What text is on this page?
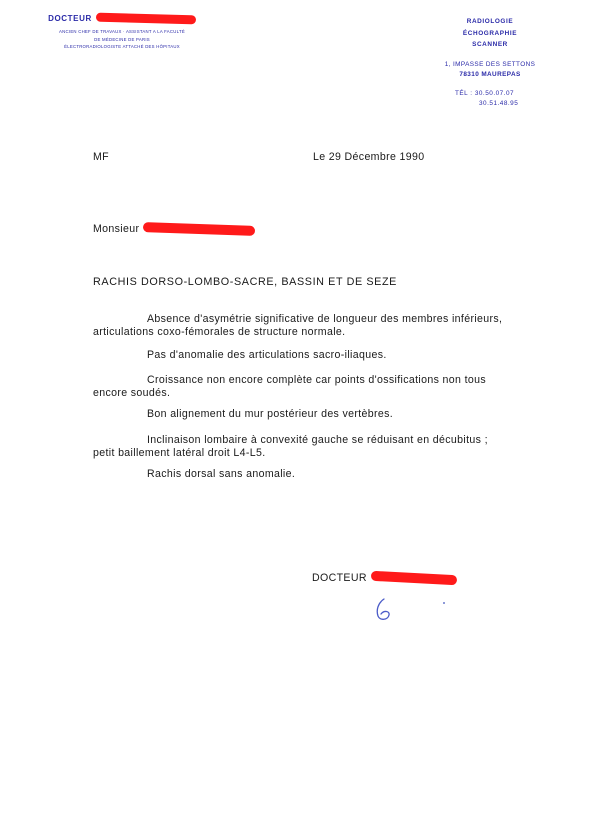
DOCTEUR
ANCIEN CHEF DE TRAVAUX · ASSISTANT A LA FACULTÉ
DE MÉDECINE DE PARIS
ÉLECTRORADIOLOGISTE ATTACHÉ DES HÔPITAUX
RADIOLOGIE
ÉCHOGRAPHIE
SCANNER
1, IMPASSE DES SETTONS
78310 MAUREPAS
TÉL : 30.50.07.07
30.51.48.95
MF	Le 29 Décembre 1990
Monsieur
RACHIS DORSO-LOMBO-SACRE, BASSIN ET DE SEZE
Absence d'asymétrie significative de longueur des membres inférieurs,
articulations coxo-fémorales de structure normale.
Pas d'anomalie des articulations sacro-iliaques.
Croissance non encore complète car points d'ossifications non tous
encore soudés.
Bon alignement du mur postérieur des vertèbres.
Inclinaison lombaire à convexité gauche se réduisant en décubitus ;
petit baillement latéral droit L4-L5.
Rachis dorsal sans anomalie.
DOCTEUR
